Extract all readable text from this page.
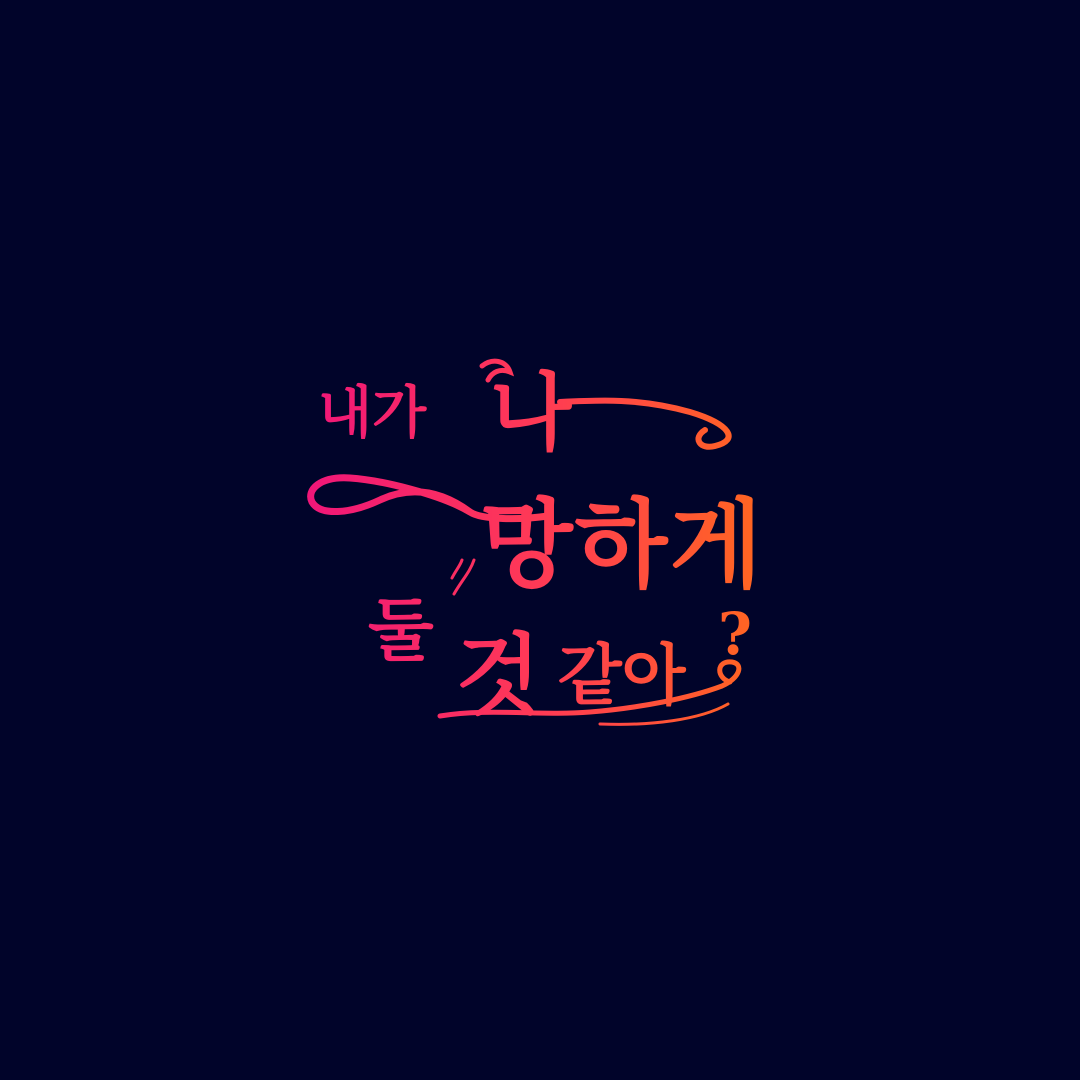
내가 나
망하게
둘 것 같아
?
